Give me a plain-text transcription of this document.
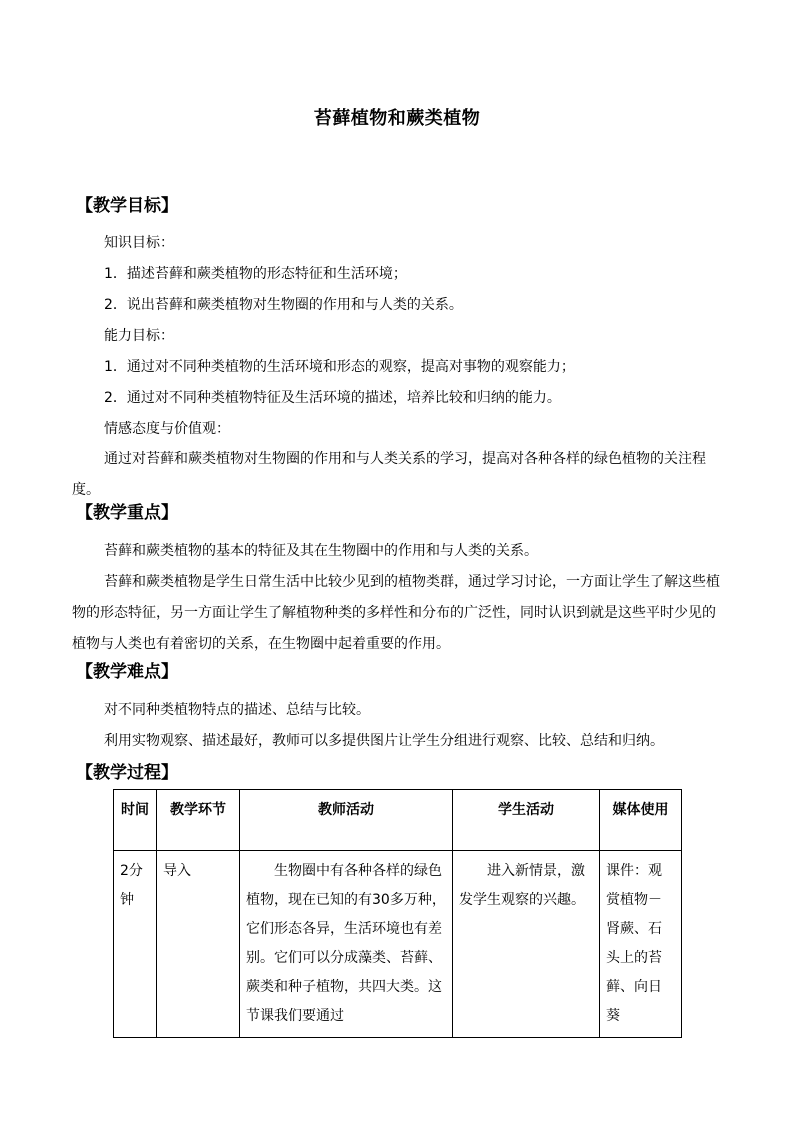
苔藓植物和蕨类植物
【教学目标】
知识目标：
1．描述苔藓和蕨类植物的形态特征和生活环境；
2．说出苔藓和蕨类植物对生物圈的作用和与人类的关系。
能力目标：
1．通过对不同种类植物的生活环境和形态的观察，提高对事物的观察能力；
2．通过对不同种类植物特征及生活环境的描述，培养比较和归纳的能力。
情感态度与价值观：
通过对苔藓和蕨类植物对生物圈的作用和与人类关系的学习，提高对各种各样的绿色植物的关注程度。
【教学重点】
苔藓和蕨类植物的基本的特征及其在生物圈中的作用和与人类的关系。
苔藓和蕨类植物是学生日常生活中比较少见到的植物类群，通过学习讨论，一方面让学生了解这些植物的形态特征，另一方面让学生了解植物种类的多样性和分布的广泛性，同时认识到就是这些平时少见的植物与人类也有着密切的关系，在生物圈中起着重要的作用。
【教学难点】
对不同种类植物特点的描述、总结与比较。
利用实物观察、描述最好，教师可以多提供图片让学生分组进行观察、比较、总结和归纳。
【教学过程】
时间	教学环节	教师活动	学生活动	媒体使用
2分钟	导入	生物圈中有各种各样的绿色植物，现在已知的有30多万种，它们形态各异，生活环境也有差别。它们可以分成藻类、苔藓、蕨类和种子植物，共四大类。这节课我们要通过	进入新情景，激发学生观察的兴趣。	课件：观赏植物－肾蕨、石头上的苔藓、向日葵
